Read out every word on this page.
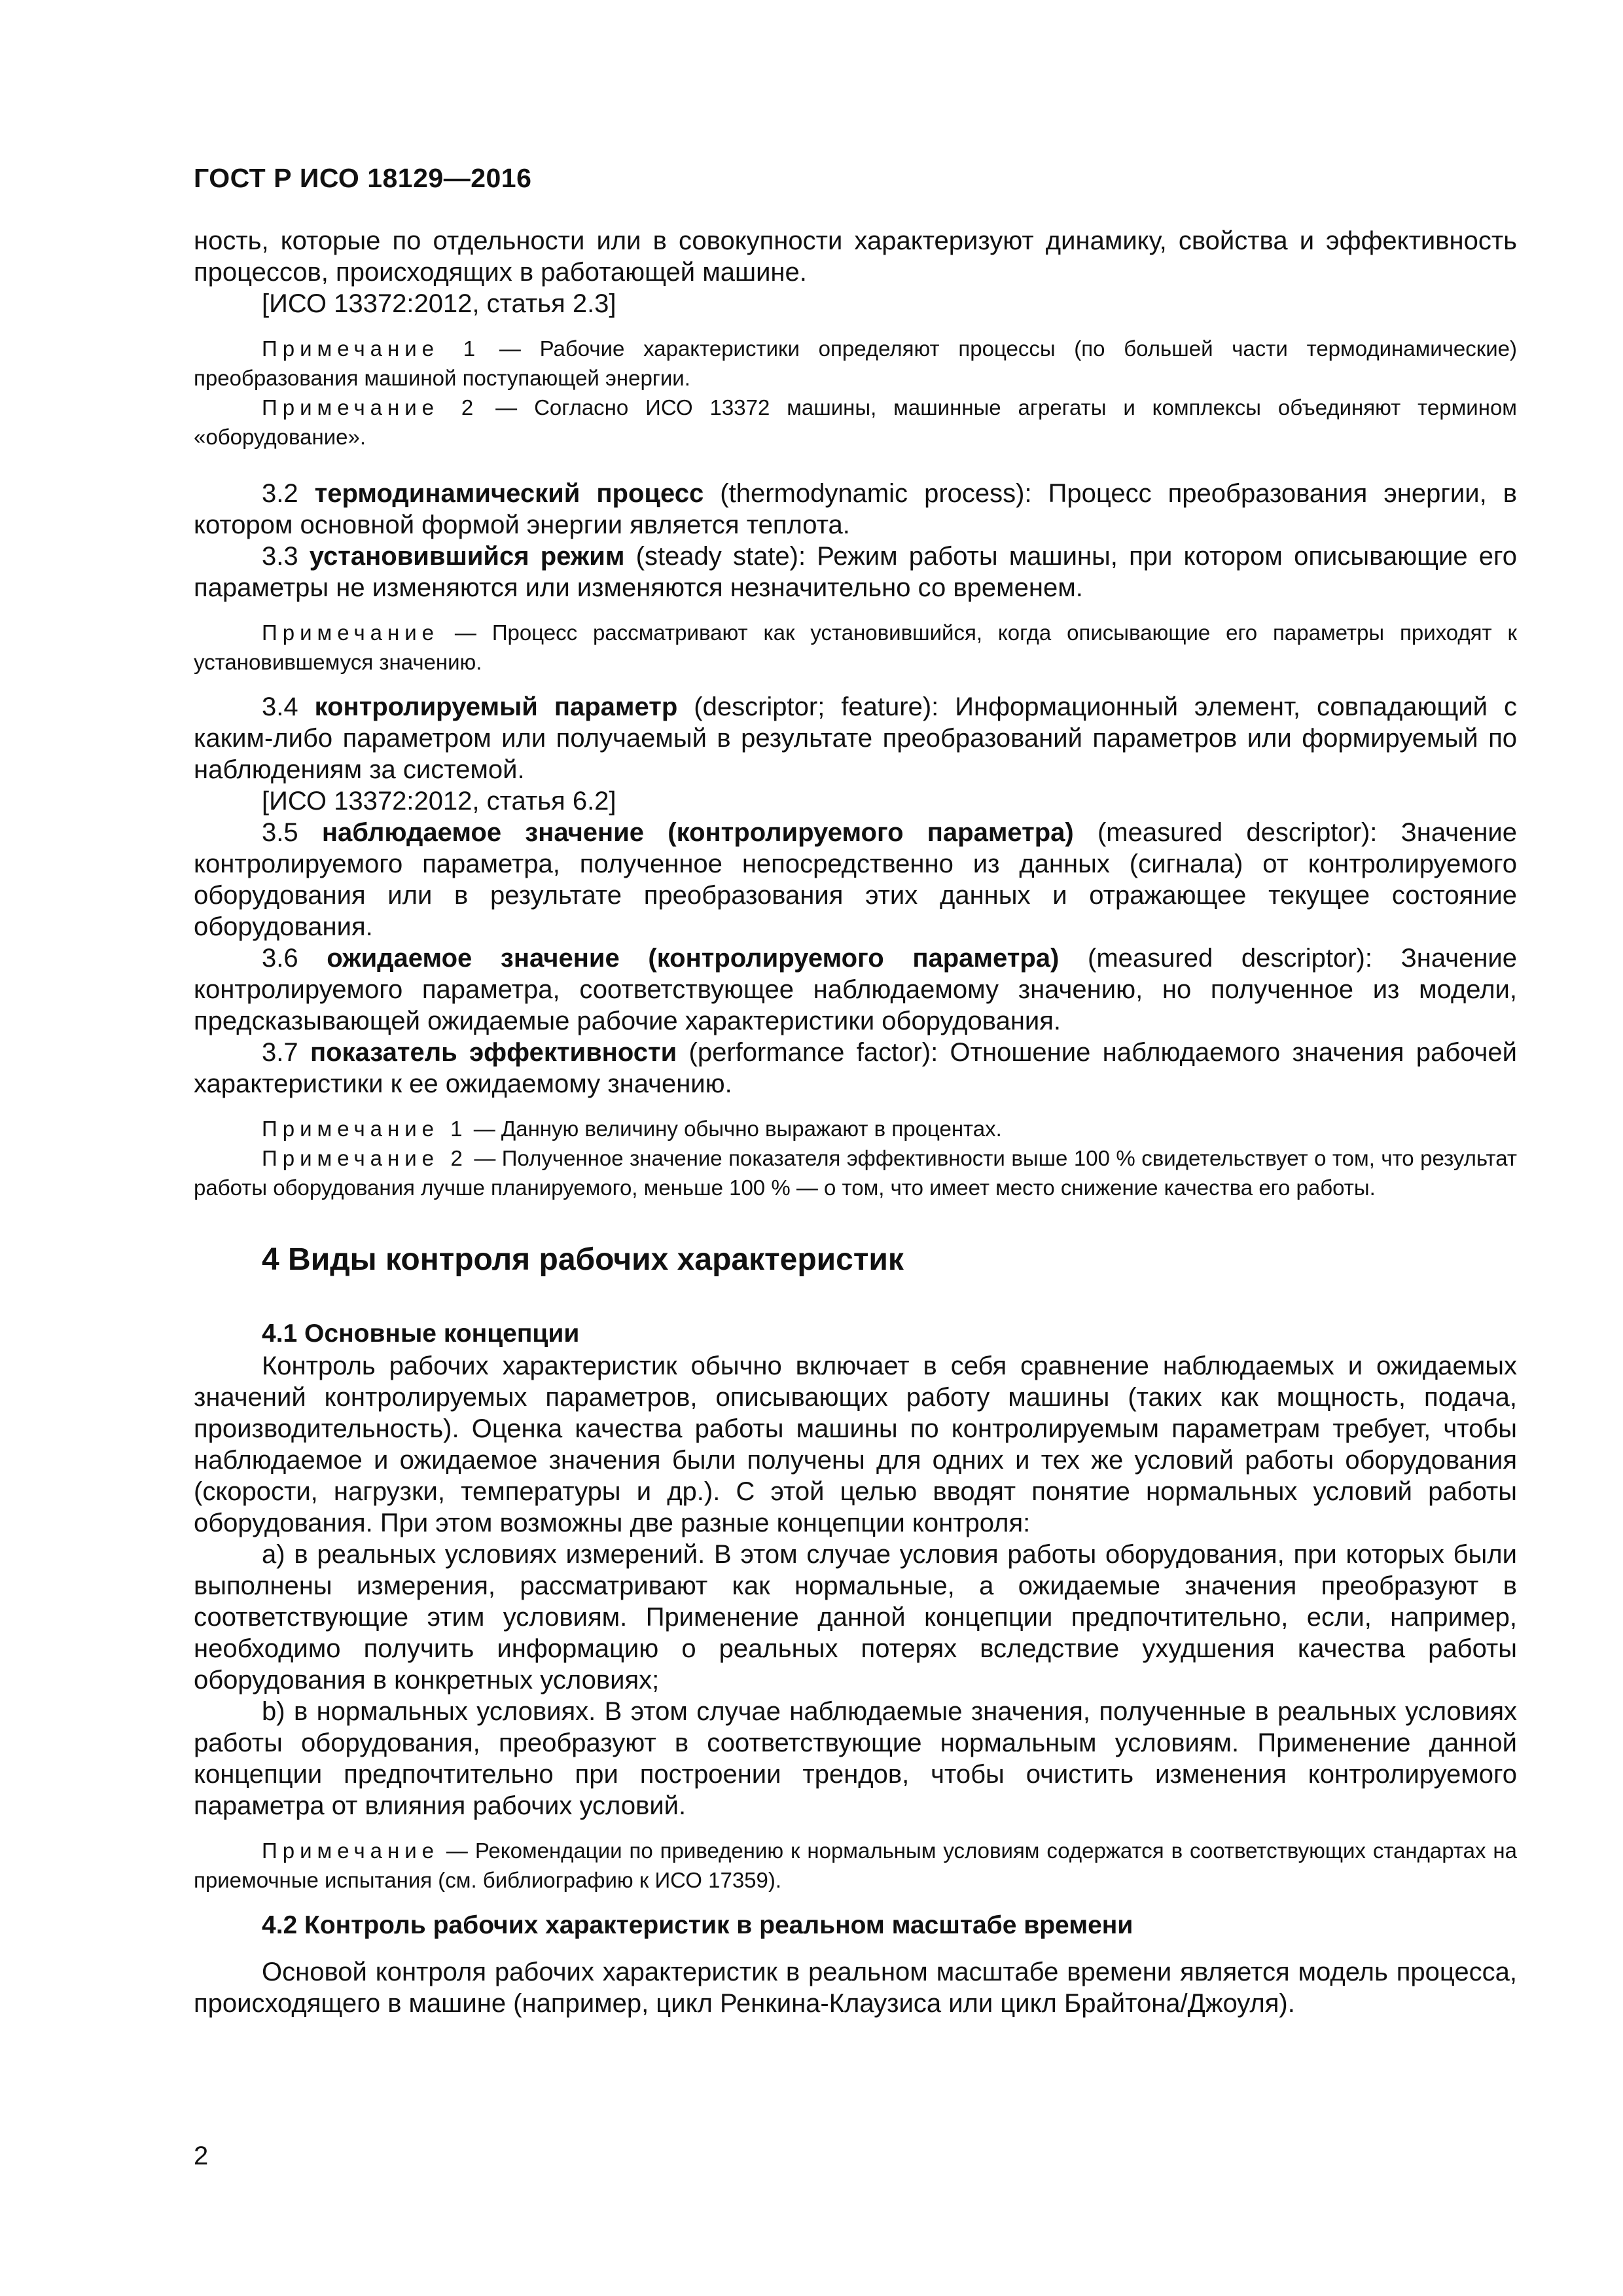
ГОСТ Р ИСО 18129—2016

ность, которые по отдельности или в совокупности характеризуют динамику, свойства и эффективность процессов, происходящих в работающей машине.

[ИСО 13372:2012, статья 2.3]

Примечание 1 — Рабочие характеристики определяют процессы (по большей части термодинамические) преобразования машиной поступающей энергии.

Примечание 2 — Согласно ИСО 13372 машины, машинные агрегаты и комплексы объединяют термином «оборудование».

3.2 термодинамический процесс (thermodynamic process): Процесс преобразования энергии, в котором основной формой энергии является теплота.

3.3 установившийся режим (steady state): Режим работы машины, при котором описывающие его параметры не изменяются или изменяются незначительно со временем.

Примечание — Процесс рассматривают как установившийся, когда описывающие его параметры приходят к установившемуся значению.

3.4 контролируемый параметр (descriptor; feature): Информационный элемент, совпадающий с каким-либо параметром или получаемый в результате преобразований параметров или формируемый по наблюдениям за системой.

[ИСО 13372:2012, статья 6.2]

3.5 наблюдаемое значение (контролируемого параметра) (measured descriptor): Значение контролируемого параметра, полученное непосредственно из данных (сигнала) от контролируемого оборудования или в результате преобразования этих данных и отражающее текущее состояние оборудования.

3.6 ожидаемое значение (контролируемого параметра) (measured descriptor): Значение контролируемого параметра, соответствующее наблюдаемому значению, но полученное из модели, предсказывающей ожидаемые рабочие характеристики оборудования.

3.7 показатель эффективности (performance factor): Отношение наблюдаемого значения рабочей характеристики к ее ожидаемому значению.

Примечание 1 — Данную величину обычно выражают в процентах.

Примечание 2 — Полученное значение показателя эффективности выше 100 % свидетельствует о том, что результат работы оборудования лучше планируемого, меньше 100 % — о том, что имеет место снижение качества его работы.

4 Виды контроля рабочих характеристик

4.1 Основные концепции

Контроль рабочих характеристик обычно включает в себя сравнение наблюдаемых и ожидаемых значений контролируемых параметров, описывающих работу машины (таких как мощность, подача, производительность). Оценка качества работы машины по контролируемым параметрам требует, чтобы наблюдаемое и ожидаемое значения были получены для одних и тех же условий работы оборудования (скорости, нагрузки, температуры и др.). С этой целью вводят понятие нормальных условий работы оборудования. При этом возможны две разные концепции контроля:

a) в реальных условиях измерений. В этом случае условия работы оборудования, при которых были выполнены измерения, рассматривают как нормальные, а ожидаемые значения преобразуют в соответствующие этим условиям. Применение данной концепции предпочтительно, если, например, необходимо получить информацию о реальных потерях вследствие ухудшения качества работы оборудования в конкретных условиях;

b) в нормальных условиях. В этом случае наблюдаемые значения, полученные в реальных условиях работы оборудования, преобразуют в соответствующие нормальным условиям. Применение данной концепции предпочтительно при построении трендов, чтобы очистить изменения контролируемого параметра от влияния рабочих условий.

Примечание — Рекомендации по приведению к нормальным условиям содержатся в соответствующих стандартах на приемочные испытания (см. библиографию к ИСО 17359).

4.2 Контроль рабочих характеристик в реальном масштабе времени

Основой контроля рабочих характеристик в реальном масштабе времени является модель процесса, происходящего в машине (например, цикл Ренкина-Клаузиса или цикл Брайтона/Джоуля).

2
